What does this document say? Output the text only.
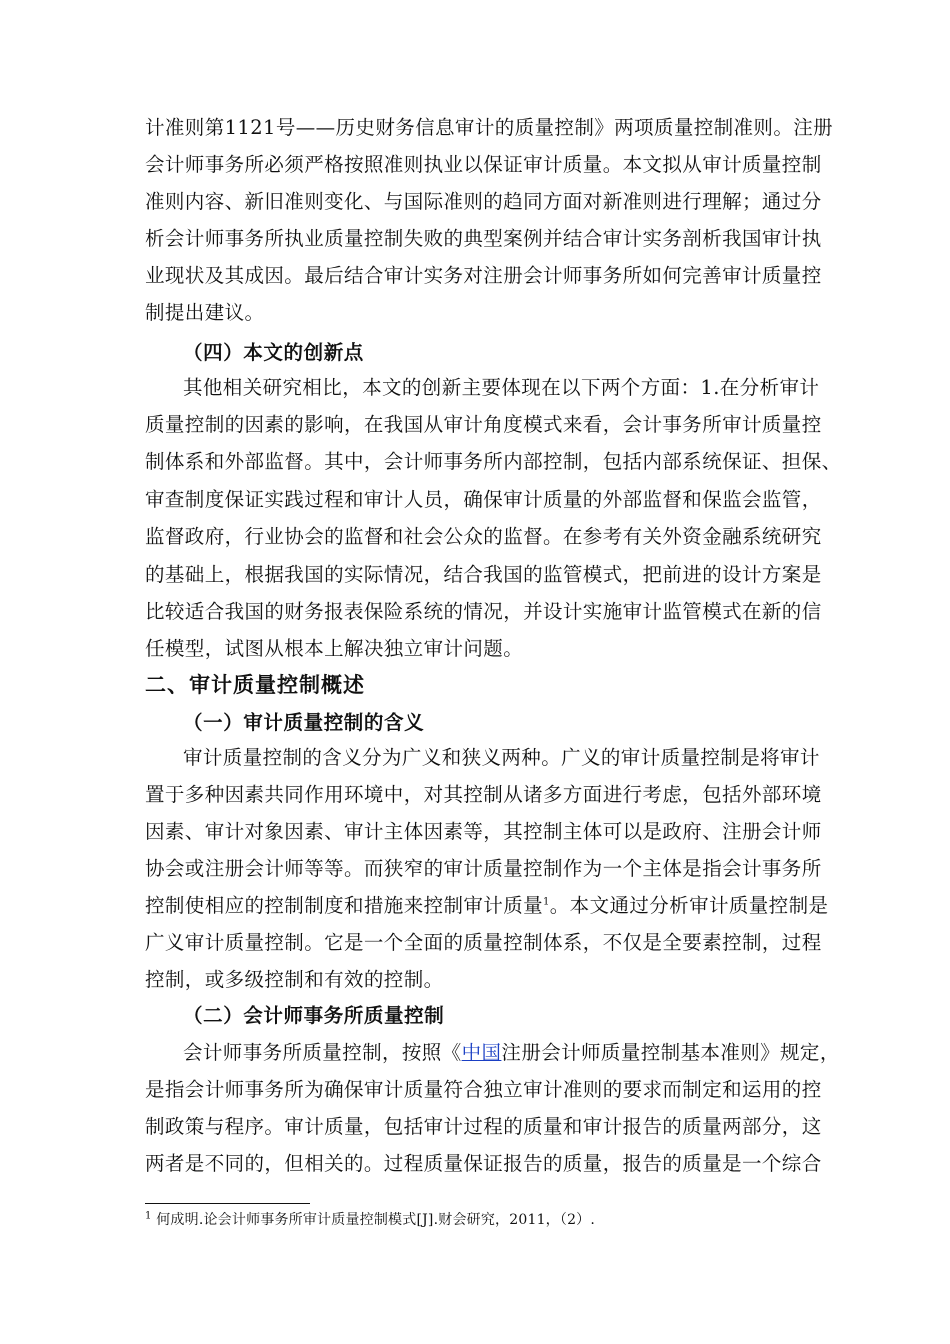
计准则第1121号——历史财务信息审计的质量控制》两项质量控制准则。注册
会计师事务所必须严格按照准则执业以保证审计质量。本文拟从审计质量控制
准则内容、新旧准则变化、与国际准则的趋同方面对新准则进行理解；通过分
析会计师事务所执业质量控制失败的典型案例并结合审计实务剖析我国审计执
业现状及其成因。最后结合审计实务对注册会计师事务所如何完善审计质量控
制提出建议。
（四）本文的创新点
其他相关研究相比，本文的创新主要体现在以下两个方面：1.在分析审计
质量控制的因素的影响，在我国从审计角度模式来看，会计事务所审计质量控
制体系和外部监督。其中，会计师事务所内部控制，包括内部系统保证、担保、
审查制度保证实践过程和审计人员，确保审计质量的外部监督和保监会监管，
监督政府，行业协会的监督和社会公众的监督。在参考有关外资金融系统研究
的基础上，根据我国的实际情况，结合我国的监管模式，把前进的设计方案是
比较适合我国的财务报表保险系统的情况，并设计实施审计监管模式在新的信
任模型，试图从根本上解决独立审计问题。
二、审计质量控制概述
（一）审计质量控制的含义
审计质量控制的含义分为广义和狭义两种。广义的审计质量控制是将审计
置于多种因素共同作用环境中，对其控制从诸多方面进行考虑，包括外部环境
因素、审计对象因素、审计主体因素等，其控制主体可以是政府、注册会计师
协会或注册会计师等等。而狭窄的审计质量控制作为一个主体是指会计事务所
控制使相应的控制制度和措施来控制审计质量$^1$。本文通过分析审计质量控制是
广义审计质量控制。它是一个全面的质量控制体系，不仅是全要素控制，过程
控制，或多级控制和有效的控制。
（二）会计师事务所质量控制
会计师事务所质量控制，按照《中国注册会计师质量控制基本准则》规定，
是指会计师事务所为确保审计质量符合独立审计准则的要求而制定和运用的控
制政策与程序。审计质量，包括审计过程的质量和审计报告的质量两部分，这
两者是不同的，但相关的。过程质量保证报告的质量，报告的质量是一个综合
$^1$ 何成明.论会计师事务所审计质量控制模式[J].财会研究，2011，（2）.
